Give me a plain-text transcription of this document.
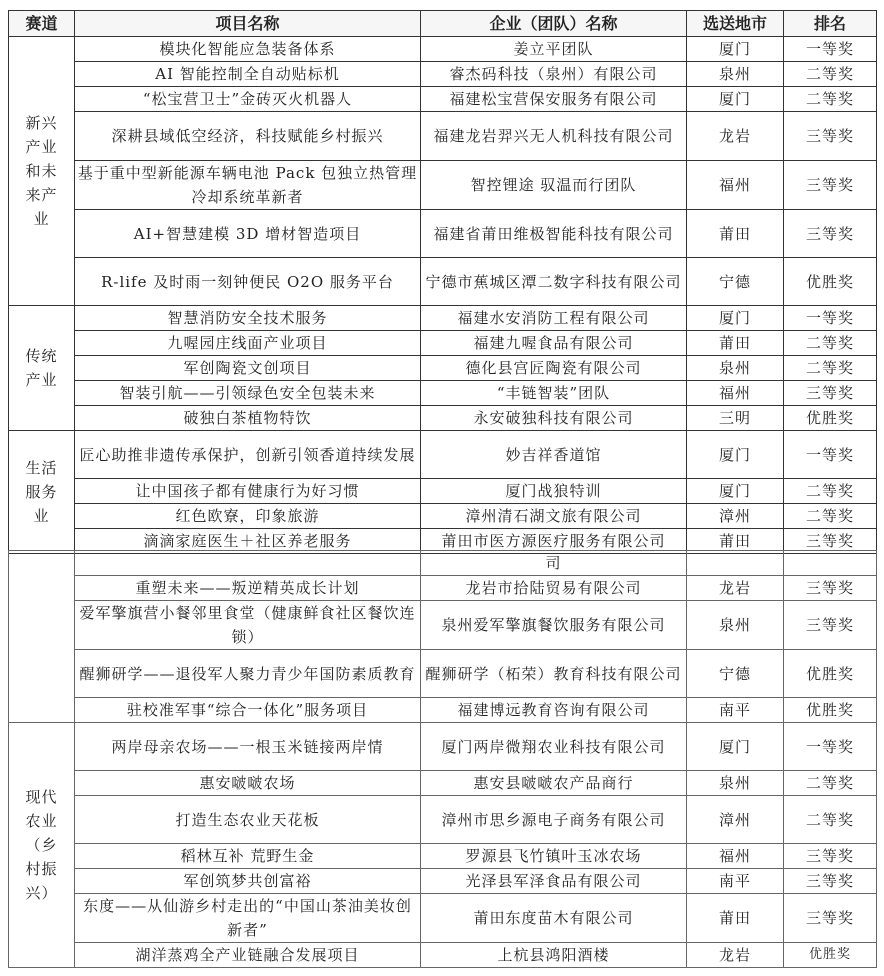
赛道	项目名称	企业（团队）名称	选送地市	排名
新兴产业和未来产业	模块化智能应急装备体系	姜立平团队	厦门	一等奖
	AI 智能控制全自动贴标机	睿杰码科技（泉州）有限公司	泉州	二等奖
	“松宝营卫士”金砖灭火机器人	福建松宝营保安服务有限公司	厦门	二等奖
	深耕县域低空经济，科技赋能乡村振兴	福建龙岩羿兴无人机科技有限公司	龙岩	三等奖
	基于重中型新能源车辆电池 Pack 包独立热管理冷却系统革新者	智控锂途 驭温而行团队	福州	三等奖
	AI+智慧建模 3D 增材智造项目	福建省莆田维极智能科技有限公司	莆田	三等奖
	R-life 及时雨一刻钟便民 O2O 服务平台	宁德市蕉城区潭二数字科技有限公司	宁德	优胜奖
传统产业	智慧消防安全技术服务	福建水安消防工程有限公司	厦门	一等奖
	九喔园庄线面产业项目	福建九喔食品有限公司	莆田	二等奖
	军创陶瓷文创项目	德化县宫匠陶瓷有限公司	泉州	二等奖
	智装引航——引领绿色安全包装未来	“丰链智装”团队	福州	三等奖
	破独白茶植物特饮	永安破独科技有限公司	三明	优胜奖
生活服务业	匠心助推非遗传承保护，创新引领香道持续发展	妙吉祥香道馆	厦门	一等奖
	让中国孩子都有健康行为好习惯	厦门战狼特训	厦门	二等奖
	红色欧寮，印象旅游	漳州清石湖文旅有限公司	漳州	二等奖
	滴滴家庭医生＋社区养老服务	莆田市医方源医疗服务有限公司	莆田	三等奖
		司		
	重塑未来——叛逆精英成长计划	龙岩市拾陆贸易有限公司	龙岩	三等奖
	爱军擎旗营小餐邻里食堂（健康鲜食社区餐饮连锁）	泉州爱军擎旗餐饮服务有限公司	泉州	三等奖
	醒狮研学——退役军人聚力青少年国防素质教育	醒狮研学（柘荣）教育科技有限公司	宁德	优胜奖
	驻校准军事“综合一体化”服务项目	福建博远教育咨询有限公司	南平	优胜奖
现代农业（乡村振兴）	两岸母亲农场——一根玉米链接两岸情	厦门两岸微翔农业科技有限公司	厦门	一等奖
	惠安啵啵农场	惠安县啵啵农产品商行	泉州	二等奖
	打造生态农业天花板	漳州市思乡源电子商务有限公司	漳州	二等奖
	稻林互补 荒野生金	罗源县飞竹镇叶玉冰农场	福州	三等奖
	军创筑梦共创富裕	光泽县军泽食品有限公司	南平	三等奖
	东度——从仙游乡村走出的“中国山茶油美妆创新者”	莆田东度苗木有限公司	莆田	三等奖
	湖洋蒸鸡全产业链融合发展项目	上杭县鸿阳酒楼	龙岩	优胜奖
